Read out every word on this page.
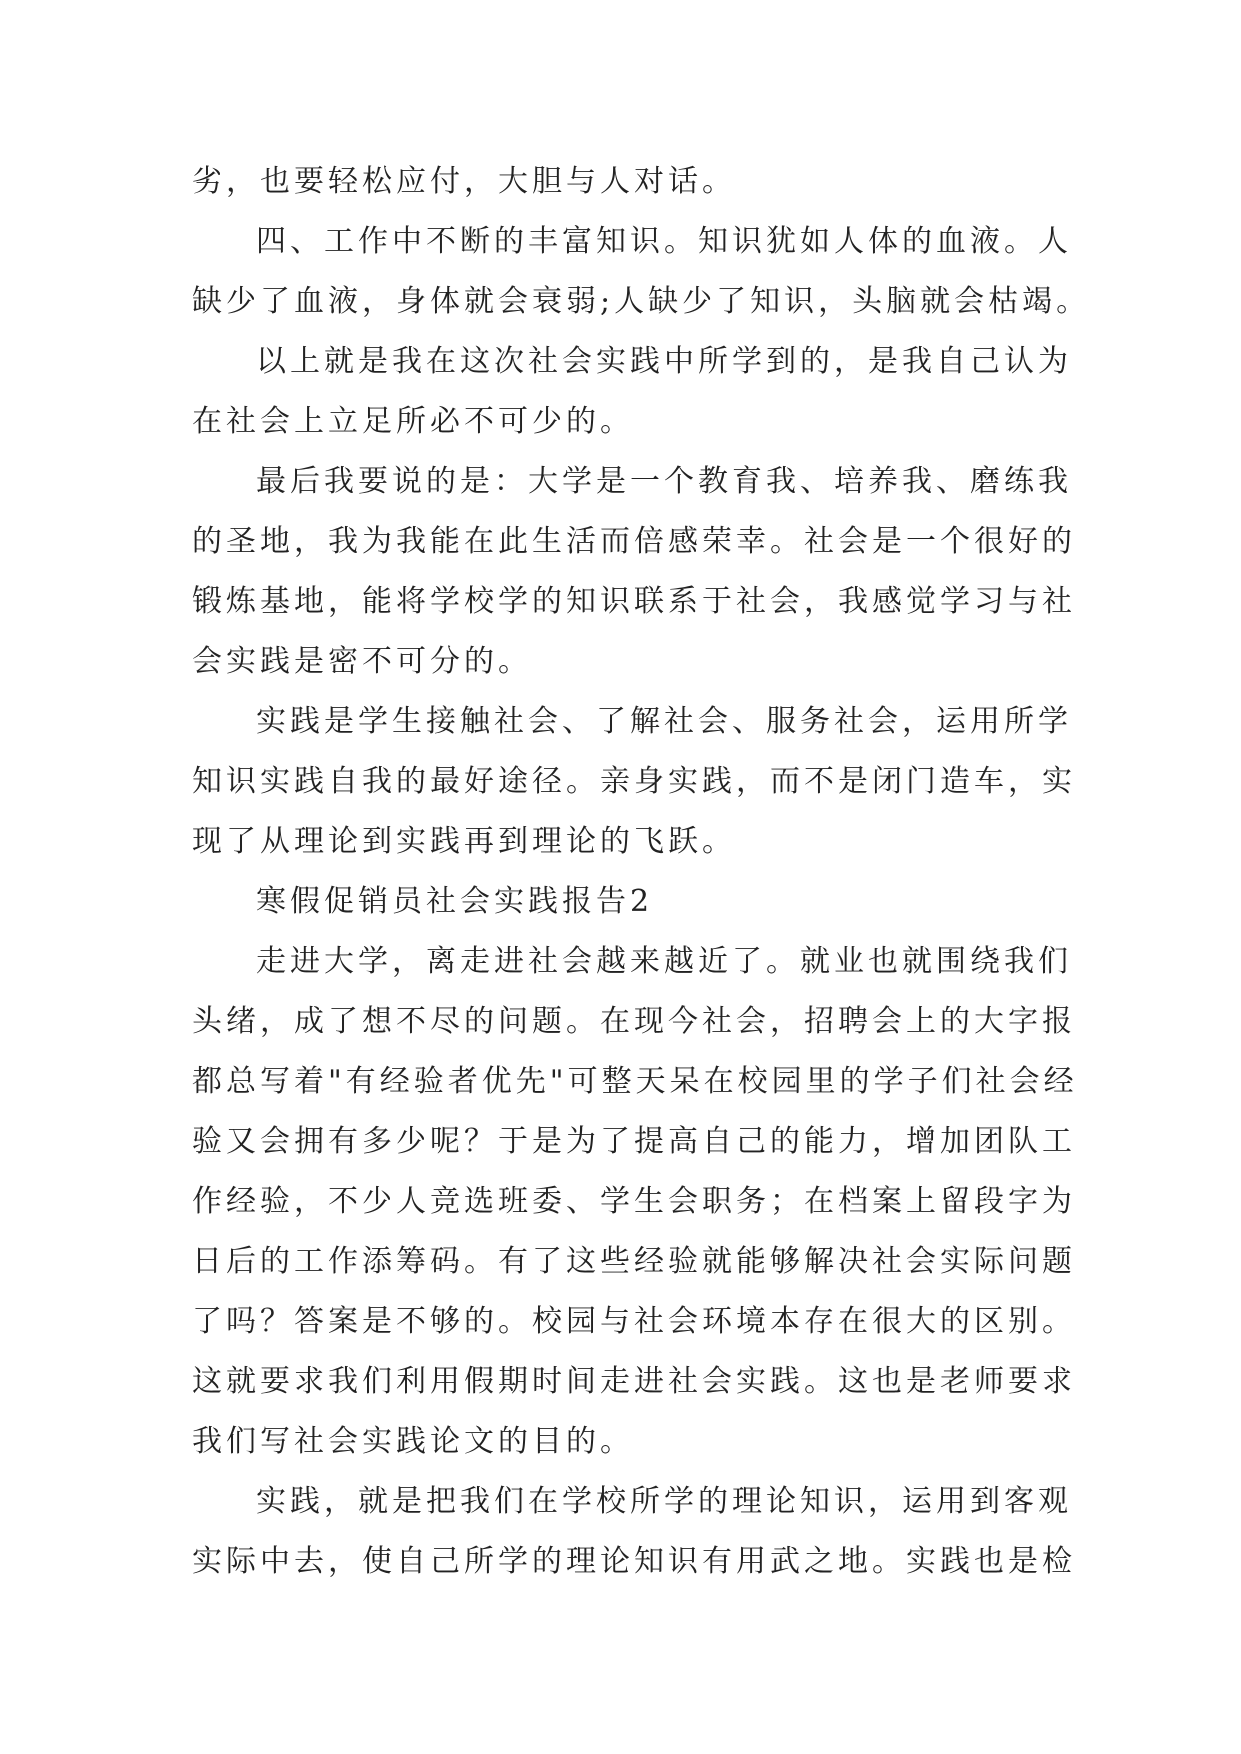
劣，也要轻松应付，大胆与人对话。
四、工作中不断的丰富知识。知识犹如人体的血液。人
缺少了血液，身体就会衰弱;人缺少了知识，头脑就会枯竭。
以上就是我在这次社会实践中所学到的，是我自己认为
在社会上立足所必不可少的。
最后我要说的是：大学是一个教育我、培养我、磨练我
的圣地，我为我能在此生活而倍感荣幸。社会是一个很好的
锻炼基地，能将学校学的知识联系于社会，我感觉学习与社
会实践是密不可分的。
实践是学生接触社会、了解社会、服务社会，运用所学
知识实践自我的最好途径。亲身实践，而不是闭门造车，实
现了从理论到实践再到理论的飞跃。
寒假促销员社会实践报告2
走进大学，离走进社会越来越近了。就业也就围绕我们
头绪，成了想不尽的问题。在现今社会，招聘会上的大字报
都总写着"有经验者优先"可整天呆在校园里的学子们社会经
验又会拥有多少呢？于是为了提高自己的能力，增加团队工
作经验，不少人竞选班委、学生会职务；在档案上留段字为
日后的工作添筹码。有了这些经验就能够解决社会实际问题
了吗？答案是不够的。校园与社会环境本存在很大的区别。
这就要求我们利用假期时间走进社会实践。这也是老师要求
我们写社会实践论文的目的。
实践，就是把我们在学校所学的理论知识，运用到客观
实际中去，使自己所学的理论知识有用武之地。实践也是检
